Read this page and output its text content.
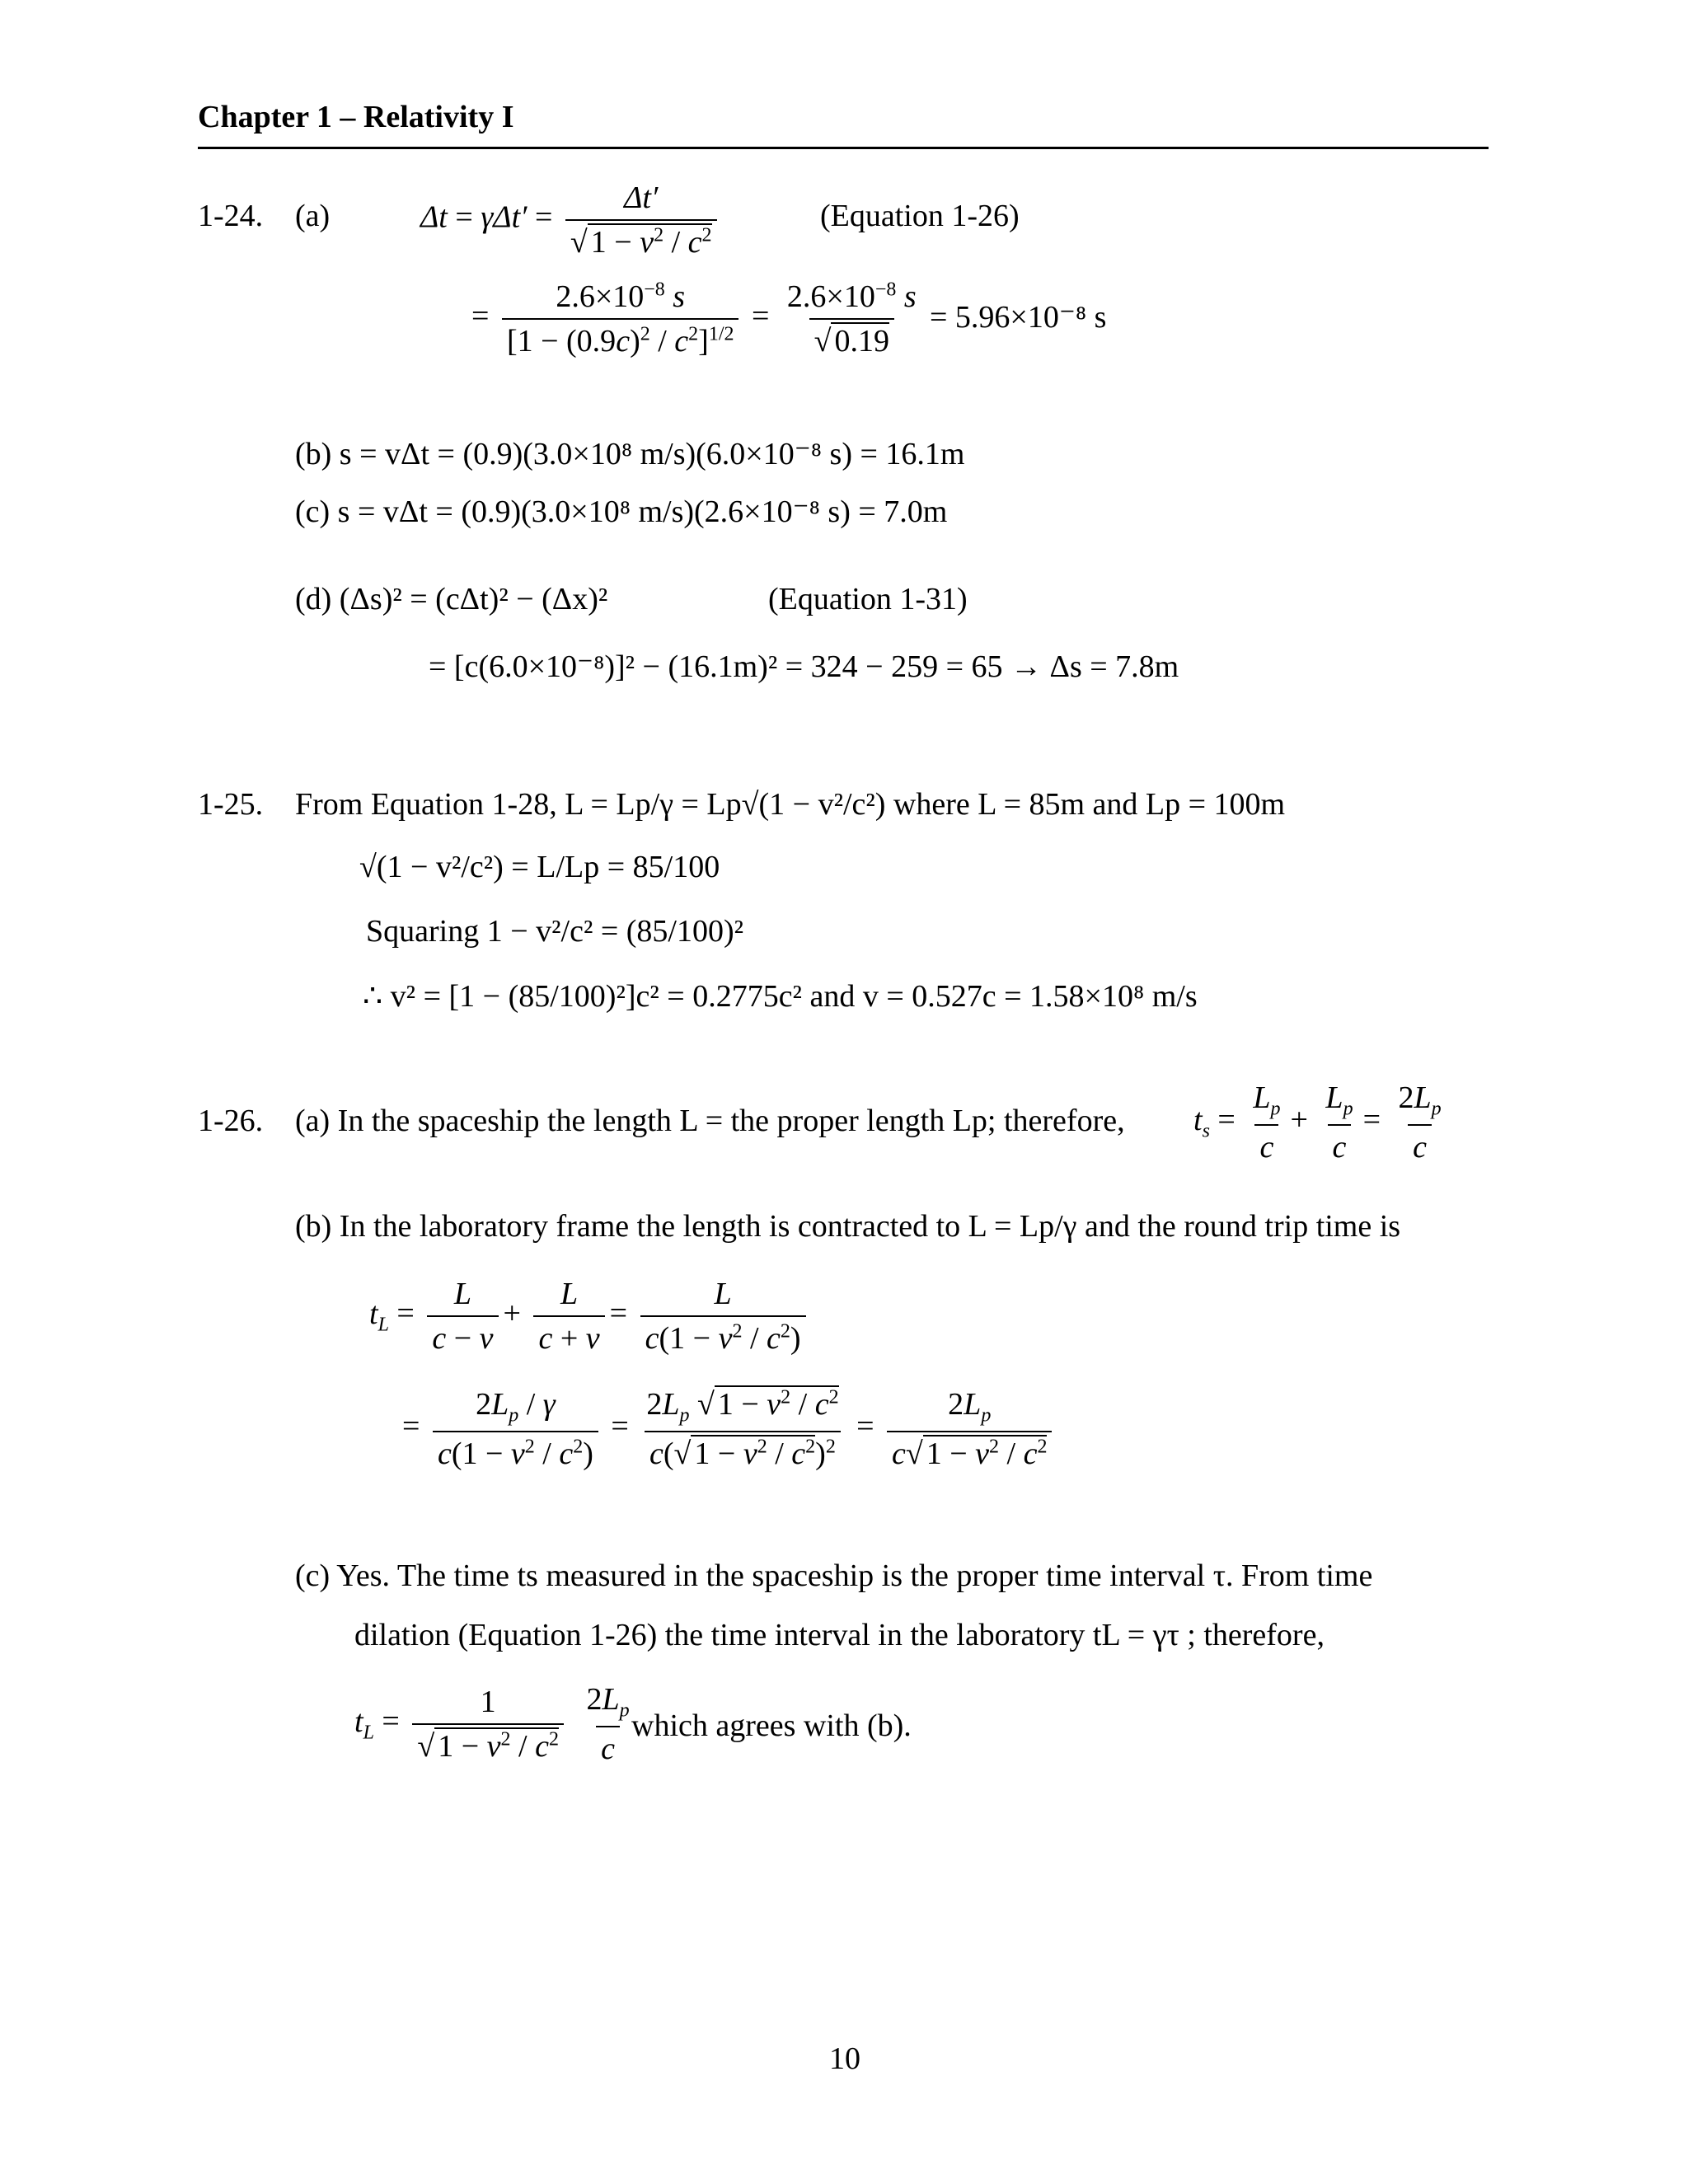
Chapter 1 – Relativity I
1-24. (a)	$\Delta t = \gamma\Delta t' = \frac{\Delta t'}{√ 1 - v^2 / c^2}$	(Equation 1-26)
= $\frac{2.6\times 10^{-8} s}{[1 - (0.9c)^2 / c^2]^{1/2}} = \frac{2.6\times 10^{-8} s}{√ 0.19} = 5.96\times 10^{-8}$ s
(b) s = vΔt = (0.9)(3.0×10⁸ m/s)(6.0×10⁻⁸ s) = 16.1m
(c) s = vΔt = (0.9)(3.0×10⁸ m/s)(2.6×10⁻⁸ s) = 7.0m
(d) (Δs)² = (cΔt)² − (Δx)²	(Equation 1-31)
= [c(6.0×10⁻⁸)]² − (16.1m)² = 324 − 259 = 65 → Δs = 7.8m
1-25. From Equation 1-28, L = Lp/γ = Lp√(1 − v²/c²) where L = 85m and Lp = 100m
√(1 − v²/c²) = L/Lp = 85/100
Squaring 1 − v²/c² = (85/100)²
∴ v² = [1 − (85/100)²]c² = 0.2775c² and v = 0.527c = 1.58×10⁸ m/s
1-26. (a) In the spaceship the length L = the proper length Lp; therefore, $t_s = \frac{L_p}{c} + \frac{L_p}{c} = \frac{2L_p}{c}$
(b) In the laboratory frame the length is contracted to L = Lp/γ and the round trip time is
$t_L = \frac{L}{c - v} + \frac{L}{c + v} = \frac{L}{c(1 - v^2 / c^2)}$
= $\frac{2L_p / \gamma}{c(1 - v^2 / c^2)} = \frac{2L_p √ 1 - v^2 / c^2}{c(√ 1 - v^2 / c^2)^2} = \frac{2L_p}{c√ 1 - v^2 / c^2}$
(c) Yes. The time ts measured in the spaceship is the proper time interval τ. From time
dilation (Equation 1-26) the time interval in the laboratory tL = γτ ; therefore,
$t_L = \frac{1}{√ 1 - v^2 / c^2}$
$\frac{2L_p}{c}$
which agrees with (b).
10
